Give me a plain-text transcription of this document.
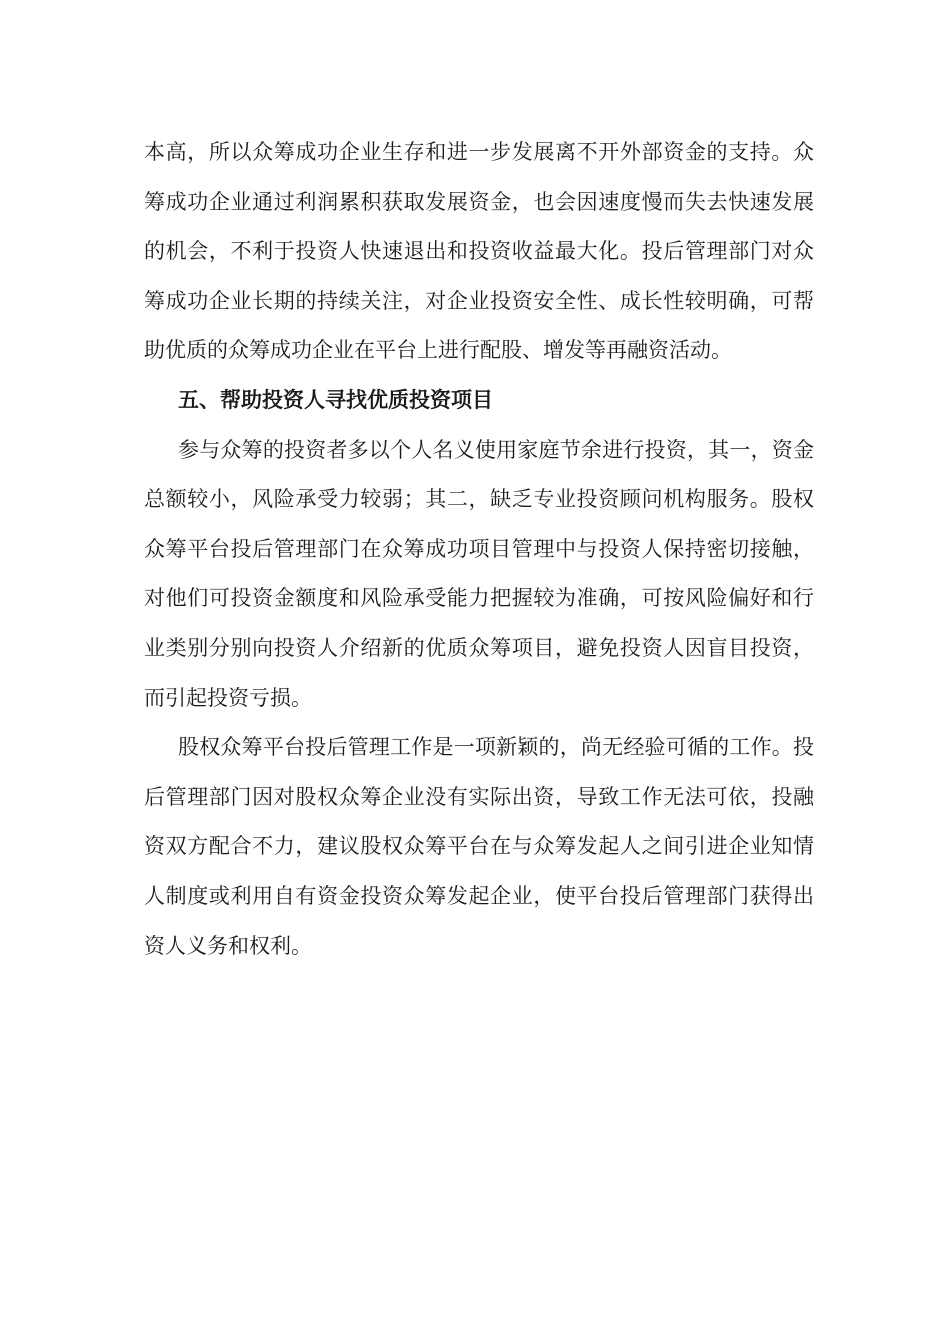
本高，所以众筹成功企业生存和进一步发展离不开外部资金的支持。众筹成功企业通过利润累积获取发展资金，也会因速度慢而失去快速发展的机会，不利于投资人快速退出和投资收益最大化。投后管理部门对众筹成功企业长期的持续关注，对企业投资安全性、成长性较明确，可帮助优质的众筹成功企业在平台上进行配股、增发等再融资活动。

五、帮助投资人寻找优质投资项目

参与众筹的投资者多以个人名义使用家庭节余进行投资，其一，资金总额较小，风险承受力较弱；其二，缺乏专业投资顾问机构服务。股权众筹平台投后管理部门在众筹成功项目管理中与投资人保持密切接触，对他们可投资金额度和风险承受能力把握较为准确，可按风险偏好和行业类别分别向投资人介绍新的优质众筹项目，避免投资人因盲目投资，而引起投资亏损。

股权众筹平台投后管理工作是一项新颖的，尚无经验可循的工作。投后管理部门因对股权众筹企业没有实际出资，导致工作无法可依，投融资双方配合不力，建议股权众筹平台在与众筹发起人之间引进企业知情人制度或利用自有资金投资众筹发起企业，使平台投后管理部门获得出资人义务和权利。
